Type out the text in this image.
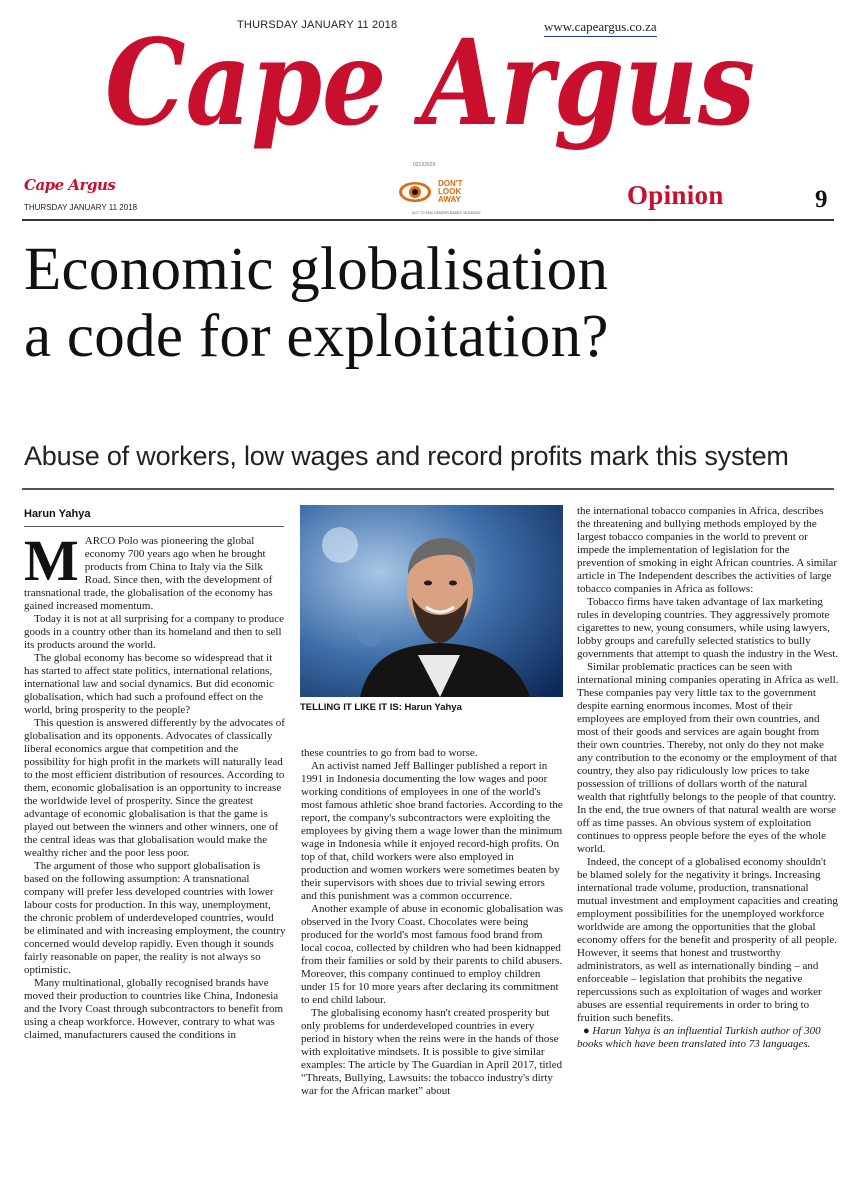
THURSDAY JANUARY 11 2018	www.capeargus.co.za
Cape Argus
02132629
Cape Argus
THURSDAY JANUARY 11 2018
DON'T
LOOK
AWAY
ACT TO END GENDER-BASED VIOLENCE
Opinion	9
Economic globalisation
a code for exploitation?
Abuse of workers, low wages and record profits mark this system
Harun Yahya

MARCO Polo was pioneering the global economy 700 years ago when he brought products from China to Italy via the Silk Road. Since then, with the development of transnational trade, the globalisation of the economy has gained increased momentum.

Today it is not at all surprising for a company to produce goods in a country other than its homeland and then to sell its products around the world.

The global economy has become so widespread that it has started to affect state politics, international relations, international law and social dynamics. But did economic globalisation, which had such a profound effect on the world, bring prosperity to the people?

This question is answered differently by the advocates of globalisation and its opponents. Advocates of classically liberal economics argue that competition and the possibility for high profit in the markets will naturally lead to the most efficient distribution of resources. According to them, economic globalisation is an opportunity to increase the worldwide level of prosperity. Since the greatest advantage of economic globalisation is that the game is played out between the winners and other winners, one of the central ideas was that globalisation would make the wealthy richer and the poor less poor.

The argument of those who support globalisation is based on the following assumption: A transnational company will prefer less developed countries with lower labour costs for production. In this way, unemployment, the chronic problem of underdeveloped countries, would be eliminated and with increasing employment, the country concerned would develop rapidly. Even though it sounds fairly reasonable on paper, the reality is not always so optimistic.

Many multinational, globally recognised brands have moved their production to countries like China, Indonesia and the Ivory Coast through subcontractors to benefit from using a cheap workforce. However, contrary to what was claimed, manufacturers caused the conditions in

TELLING IT LIKE IT IS: Harun Yahya

these countries to go from bad to worse.

An activist named Jeff Ballinger published a report in 1991 in Indonesia documenting the low wages and poor working conditions of employees in one of the world's most famous athletic shoe brand factories. According to the report, the company's subcontractors were exploiting the employees by giving them a wage lower than the minimum wage in Indonesia while it enjoyed record-high profits. On top of that, child workers were also employed in production and women workers were sometimes beaten by their supervisors with shoes due to trivial sewing errors and this punishment was a common occurrence.

Another example of abuse in economic globalisation was observed in the Ivory Coast. Chocolates were being produced for the world's most famous food brand from local cocoa, collected by children who had been kidnapped from their families or sold by their parents to child abusers. Moreover, this company continued to employ children under 15 for 10 more years after declaring its commitment to end child labour.

The globalising economy hasn't created prosperity but only problems for underdeveloped countries in every period in history when the reins were in the hands of those with exploitative mindsets. It is possible to give similar examples: The article by The Guardian in April 2017, titled “Threats, Bullying, Lawsuits: the tobacco industry's dirty war for the African market” about

the international tobacco companies in Africa, describes the threatening and bullying methods employed by the largest tobacco companies in the world to prevent or impede the implementation of legislation for the prevention of smoking in eight African countries. A similar article in The Independent describes the activities of large tobacco companies in Africa as follows:

Tobacco firms have taken advantage of lax marketing rules in developing countries. They aggressively promote cigarettes to new, young consumers, while using lawyers, lobby groups and carefully selected statistics to bully governments that attempt to quash the industry in the West.

Similar problematic practices can be seen with international mining companies operating in Africa as well. These companies pay very little tax to the government despite earning enormous incomes. Most of their employees are employed from their own countries, and most of their goods and services are again bought from their own countries. Thereby, not only do they not make any contribution to the economy or the employment of that country, they also pay ridiculously low prices to take possession of trillions of dollars worth of the natural wealth that rightfully belongs to the people of that country. In the end, the true owners of that natural wealth are worse off as time passes. An obvious system of exploitation continues to oppress people before the eyes of the whole world.

Indeed, the concept of a globalised economy shouldn't be blamed solely for the negativity it brings. Increasing international trade volume, production, transnational mutual investment and employment capacities and creating employment possibilities for the unemployed workforce worldwide are among the opportunities that the global economy offers for the benefit and prosperity of all people. However, it seems that honest and trustworthy administrators, as well as internationally binding – and enforceable – legislation that prohibits the negative repercussions such as exploitation of wages and worker abuses are essential requirements in order to bring to fruition such benefits.

● Harun Yahya is an influential Turkish author of 300 books which have been translated into 73 languages.
